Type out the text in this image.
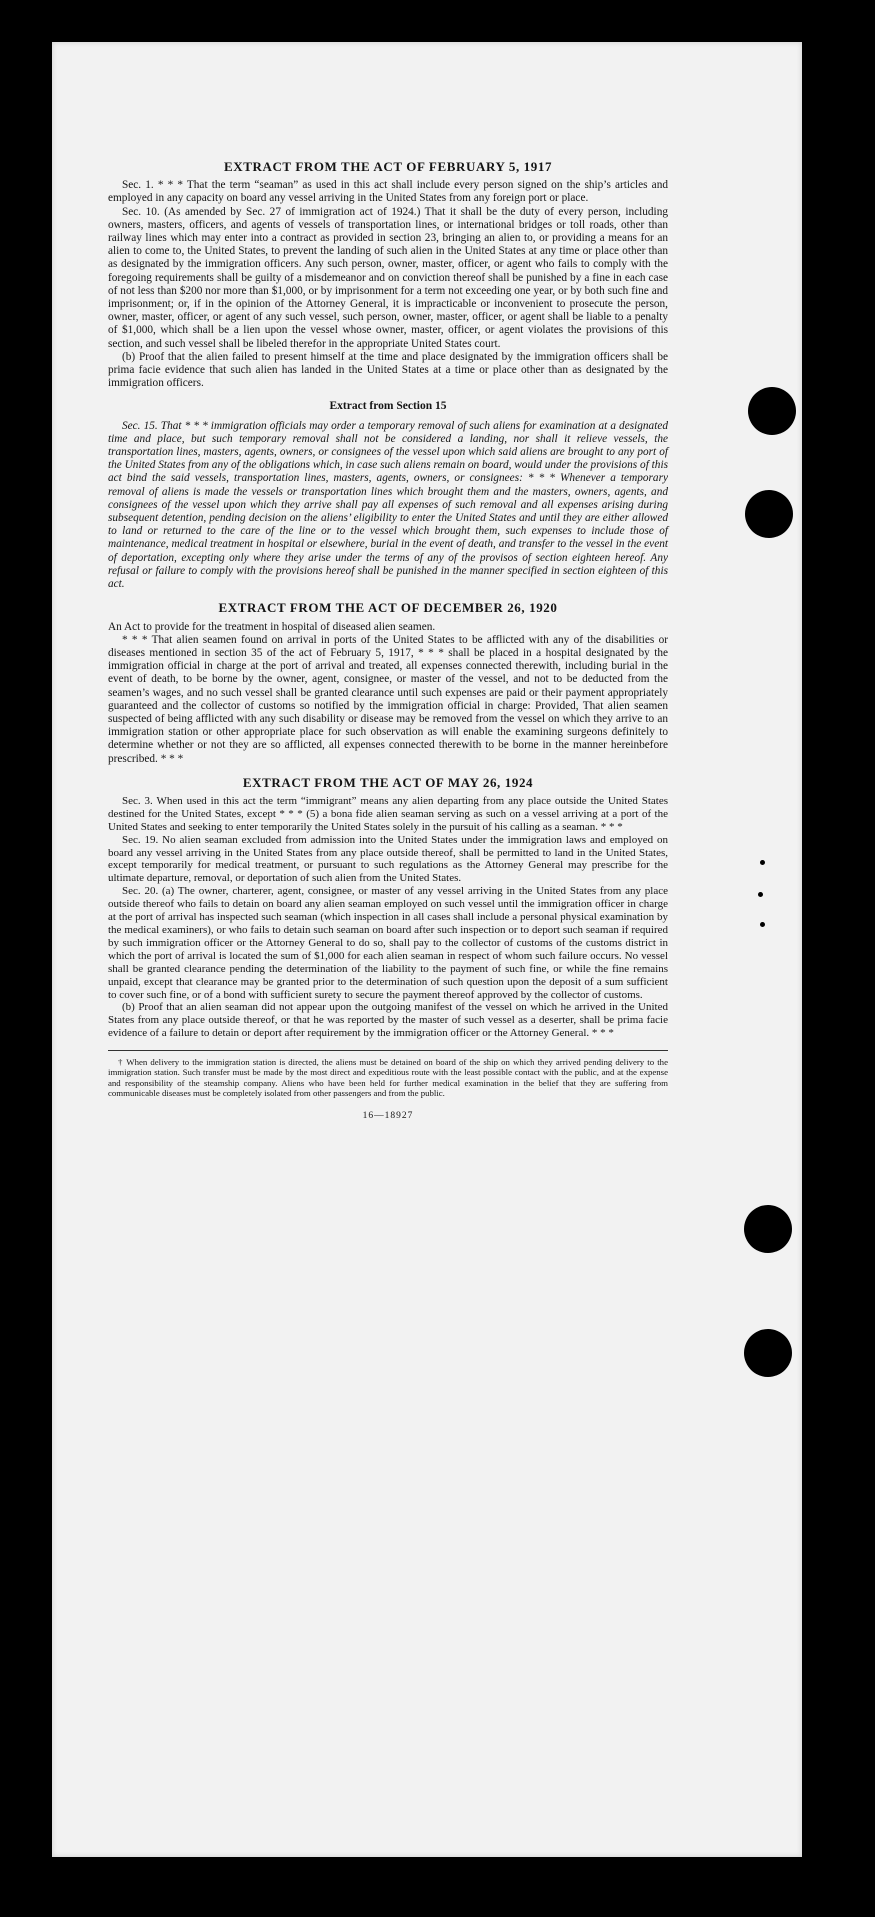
EXTRACT FROM THE ACT OF FEBRUARY 5, 1917

Sec. 1. * * * That the term “seaman” as used in this act shall include every person signed on the ship’s articles and employed in any capacity on board any vessel arriving in the United States from any foreign port or place.

Sec. 10. (As amended by Sec. 27 of immigration act of 1924.) That it shall be the duty of every person, including owners, masters, officers, and agents of vessels of transportation lines, or international bridges or toll roads, other than railway lines which may enter into a contract as provided in section 23, bringing an alien to, or providing a means for an alien to come to, the United States, to prevent the landing of such alien in the United States at any time or place other than as designated by the immigration officers. Any such person, owner, master, officer, or agent who fails to comply with the foregoing requirements shall be guilty of a misdemeanor and on conviction thereof shall be punished by a fine in each case of not less than $200 nor more than $1,000, or by imprisonment for a term not exceeding one year, or by both such fine and imprisonment; or, if in the opinion of the Attorney General, it is impracticable or inconvenient to prosecute the person, owner, master, officer, or agent of any such vessel, such person, owner, master, officer, or agent shall be liable to a penalty of $1,000, which shall be a lien upon the vessel whose owner, master, officer, or agent violates the provisions of this section, and such vessel shall be libeled therefor in the appropriate United States court.

(b) Proof that the alien failed to present himself at the time and place designated by the immigration officers shall be prima facie evidence that such alien has landed in the United States at a time or place other than as designated by the immigration officers.

Extract from Section 15

Sec. 15. That * * * immigration officials may order a temporary removal of such aliens for examination at a designated time and place, but such temporary removal shall not be considered a landing, nor shall it relieve vessels, the transportation lines, masters, agents, owners, or consignees of the vessel upon which said aliens are brought to any port of the United States from any of the obligations which, in case such aliens remain on board, would under the provisions of this act bind the said vessels, transportation lines, masters, agents, owners, or consignees: * * * Whenever a temporary removal of aliens is made the vessels or transportation lines which brought them and the masters, owners, agents, and consignees of the vessel upon which they arrive shall pay all expenses of such removal and all expenses arising during subsequent detention, pending decision on the aliens’ eligibility to enter the United States and until they are either allowed to land or returned to the care of the line or to the vessel which brought them, such expenses to include those of maintenance, medical treatment in hospital or elsewhere, burial in the event of death, and transfer to the vessel in the event of deportation, excepting only where they arise under the terms of any of the provisos of section eighteen hereof. Any refusal or failure to comply with the provisions hereof shall be punished in the manner specified in section eighteen of this act.

EXTRACT FROM THE ACT OF DECEMBER 26, 1920

An Act to provide for the treatment in hospital of diseased alien seamen.

* * * That alien seamen found on arrival in ports of the United States to be afflicted with any of the disabilities or diseases mentioned in section 35 of the act of February 5, 1917, * * * shall be placed in a hospital designated by the immigration official in charge at the port of arrival and treated, all expenses connected therewith, including burial in the event of death, to be borne by the owner, agent, consignee, or master of the vessel, and not to be deducted from the seamen’s wages, and no such vessel shall be granted clearance until such expenses are paid or their payment appropriately guaranteed and the collector of customs so notified by the immigration official in charge: Provided, That alien seamen suspected of being afflicted with any such disability or disease may be removed from the vessel on which they arrive to an immigration station or other appropriate place for such observation as will enable the examining surgeons definitely to determine whether or not they are so afflicted, all expenses connected therewith to be borne in the manner hereinbefore prescribed. * * *

EXTRACT FROM THE ACT OF MAY 26, 1924

Sec. 3. When used in this act the term “immigrant” means any alien departing from any place outside the United States destined for the United States, except * * * (5) a bona fide alien seaman serving as such on a vessel arriving at a port of the United States and seeking to enter temporarily the United States solely in the pursuit of his calling as a seaman. * * *

Sec. 19. No alien seaman excluded from admission into the United States under the immigration laws and employed on board any vessel arriving in the United States from any place outside thereof, shall be permitted to land in the United States, except temporarily for medical treatment, or pursuant to such regulations as the Attorney General may prescribe for the ultimate departure, removal, or deportation of such alien from the United States.

Sec. 20. (a) The owner, charterer, agent, consignee, or master of any vessel arriving in the United States from any place outside thereof who fails to detain on board any alien seaman employed on such vessel until the immigration officer in charge at the port of arrival has inspected such seaman (which inspection in all cases shall include a personal physical examination by the medical examiners), or who fails to detain such seaman on board after such inspection or to deport such seaman if required by such immigration officer or the Attorney General to do so, shall pay to the collector of customs of the customs district in which the port of arrival is located the sum of $1,000 for each alien seaman in respect of whom such failure occurs. No vessel shall be granted clearance pending the determination of the liability to the payment of such fine, or while the fine remains unpaid, except that clearance may be granted prior to the determination of such question upon the deposit of a sum sufficient to cover such fine, or of a bond with sufficient surety to secure the payment thereof approved by the collector of customs.

(b) Proof that an alien seaman did not appear upon the outgoing manifest of the vessel on which he arrived in the United States from any place outside thereof, or that he was reported by the master of such vessel as a deserter, shall be prima facie evidence of a failure to detain or deport after requirement by the immigration officer or the Attorney General. * * *

† When delivery to the immigration station is directed, the aliens must be detained on board of the ship on which they arrived pending delivery to the immigration station. Such transfer must be made by the most direct and expeditious route with the least possible contact with the public, and at the expense and responsibility of the steamship company. Aliens who have been held for further medical examination in the belief that they are suffering from communicable diseases must be completely isolated from other passengers and from the public.

16—18927
